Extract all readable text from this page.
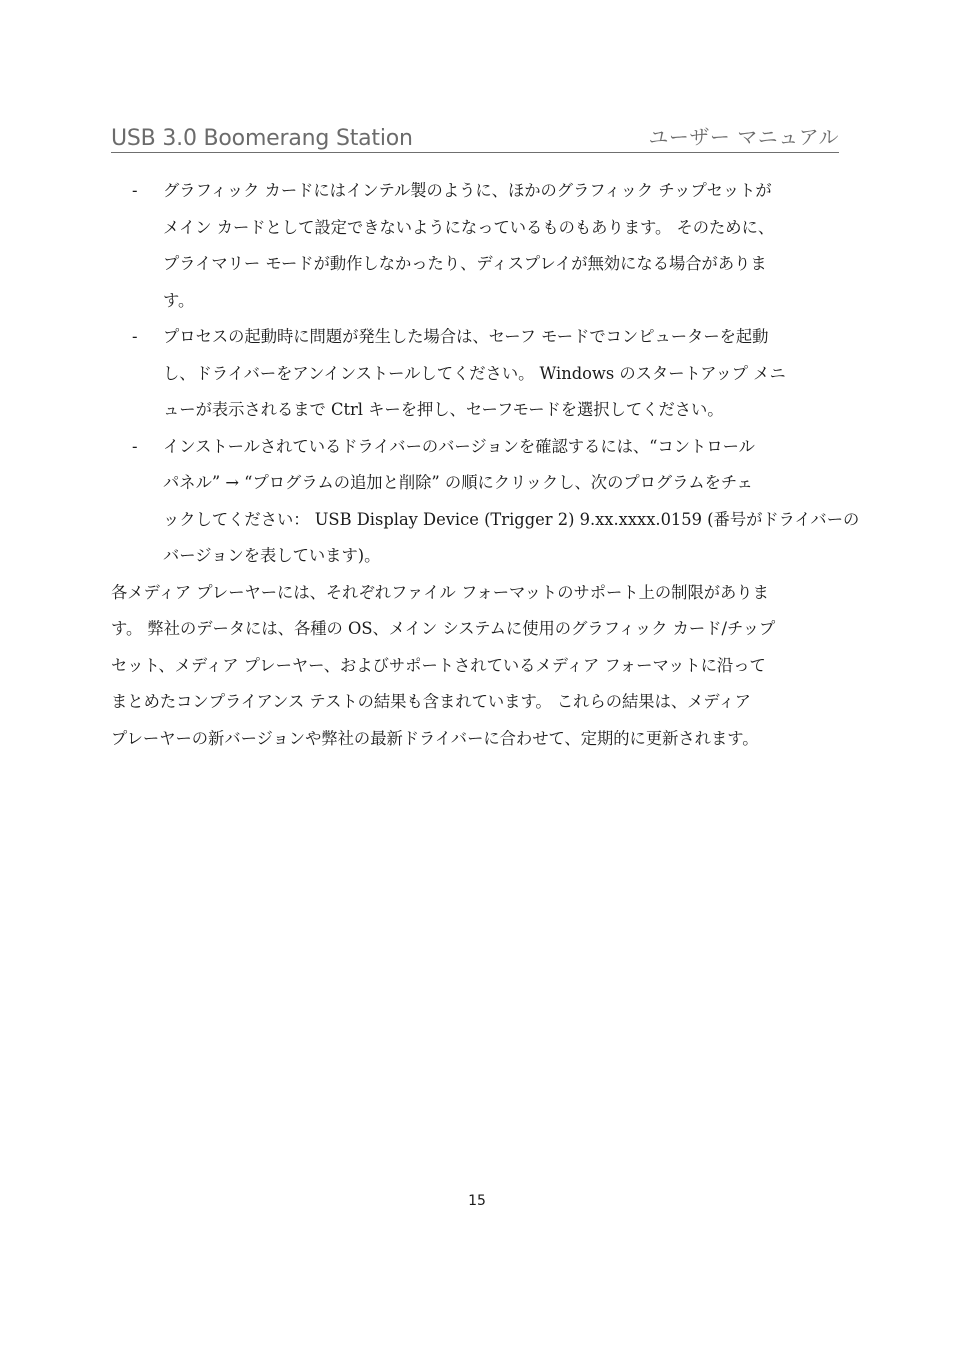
USB 3.0 Boomerang Station	ユーザー マニュアル
- グラフィック カードにはインテル製のように、ほかのグラフィック チップセットが
メイン カードとして設定できないようになっているものもあります。 そのために、
プライマリー モードが動作しなかったり、ディスプレイが無効になる場合がありま
す。
- プロセスの起動時に問題が発生した場合は、セーフ モードでコンピューターを起動
し、ドライバーをアンインストールしてください。 Windows のスタートアップ メニ
ューが表示されるまで Ctrl キーを押し、セーフモードを選択してください。
- インストールされているドライバーのバージョンを確認するには、“コントロール
パネル” → “プログラムの追加と削除” の順にクリックし、次のプログラムをチェ
ックしてください： USB Display Device (Trigger 2) 9.xx.xxxx.0159 (番号がドライバーの
バージョンを表しています)。
各メディア プレーヤーには、それぞれファイル フォーマットのサポート上の制限がありま
す。 弊社のデータには、各種の OS、メイン システムに使用のグラフィック カード/チップ
セット、メディア プレーヤー、およびサポートされているメディア フォーマットに沿って
まとめたコンプライアンス テストの結果も含まれています。 これらの結果は、メディア
プレーヤーの新バージョンや弊社の最新ドライバーに合わせて、定期的に更新されます。
15
